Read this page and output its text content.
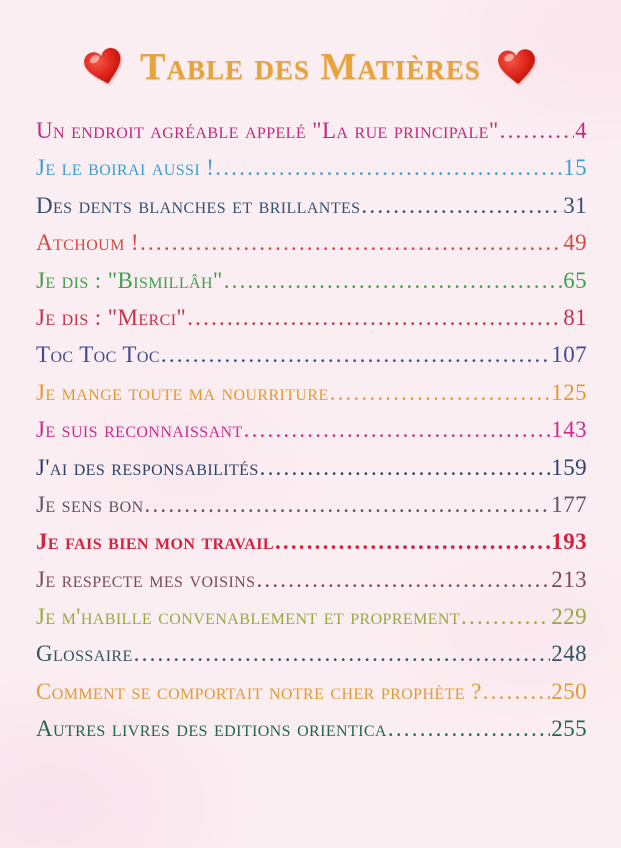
Table des Matières
Un endroit agréable appelé "La rue principale" .....	4
Je le boirai aussi ! .....	15
Des dents blanches et brillantes .....	31
Atchoum ! .....	49
Je dis : "Bismillâh" .....	65
Je dis : "Merci" .....	81
Toc Toc Toc .....	107
Je mange toute ma nourriture .....	125
Je suis reconnaissant .....	143
J'ai des responsabilités .....	159
Je sens bon .....	177
Je fais bien mon travail .....	193
Je respecte mes voisins .....	213
Je m'habille convenablement et proprement .....	229
Glossaire .....	248
Comment se comportait notre cher prophète ? .....	250
Autres livres des editions orientica .....	255
